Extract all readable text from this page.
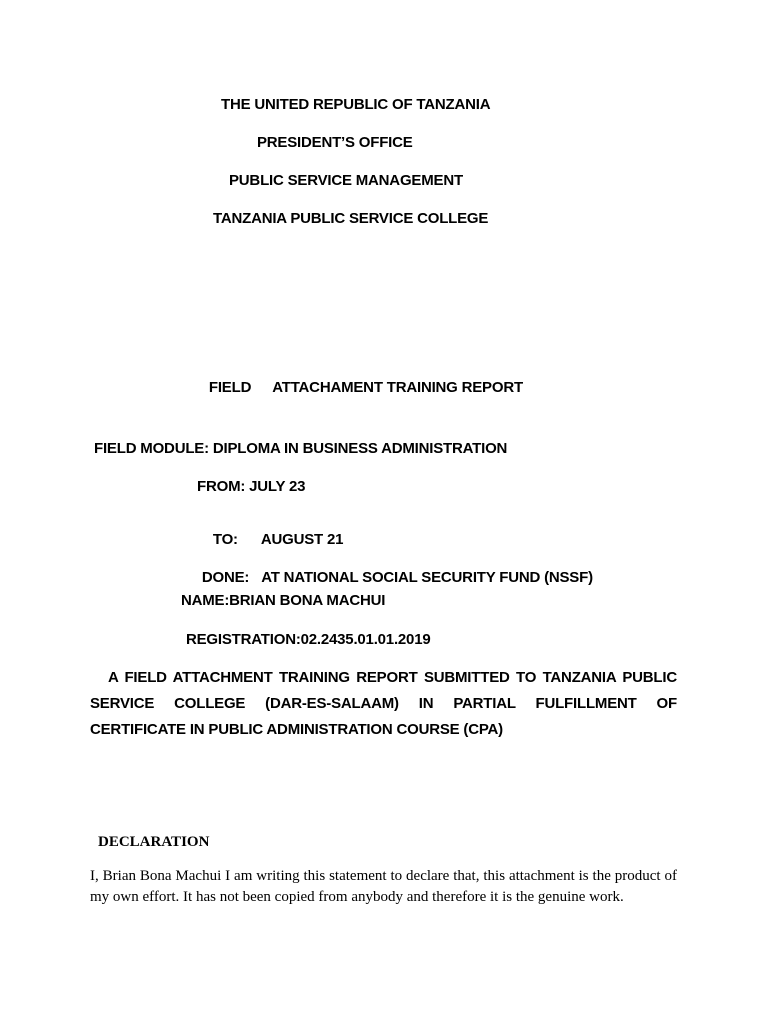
THE UNITED REPUBLIC OF TANZANIA
PRESIDENT’S OFFICE
PUBLIC SERVICE MANAGEMENT
TANZANIA PUBLIC SERVICE COLLEGE

FIELD ATTACHAMENT TRAINING REPORT

FIELD MODULE: DIPLOMA IN BUSINESS ADMINISTRATION
FROM: JULY 23

TO: AUGUST 21

DONE: AT NATIONAL SOCIAL SECURITY FUND (NSSF)

NAME:BRIAN BONA MACHUI
REGISTRATION:02.2435.01.01.2019
A FIELD ATTACHMENT TRAINING REPORT SUBMITTED TO TANZANIA PUBLIC SERVICE COLLEGE (DAR-ES-SALAAM) IN PARTIAL FULFILLMENT OF CERTIFICATE IN PUBLIC ADMINISTRATION COURSE (CPA)
DECLARATION
I, Brian Bona Machui I am writing this statement to declare that, this attachment is the product of my own effort. It has not been copied from anybody and therefore it is the genuine work.
